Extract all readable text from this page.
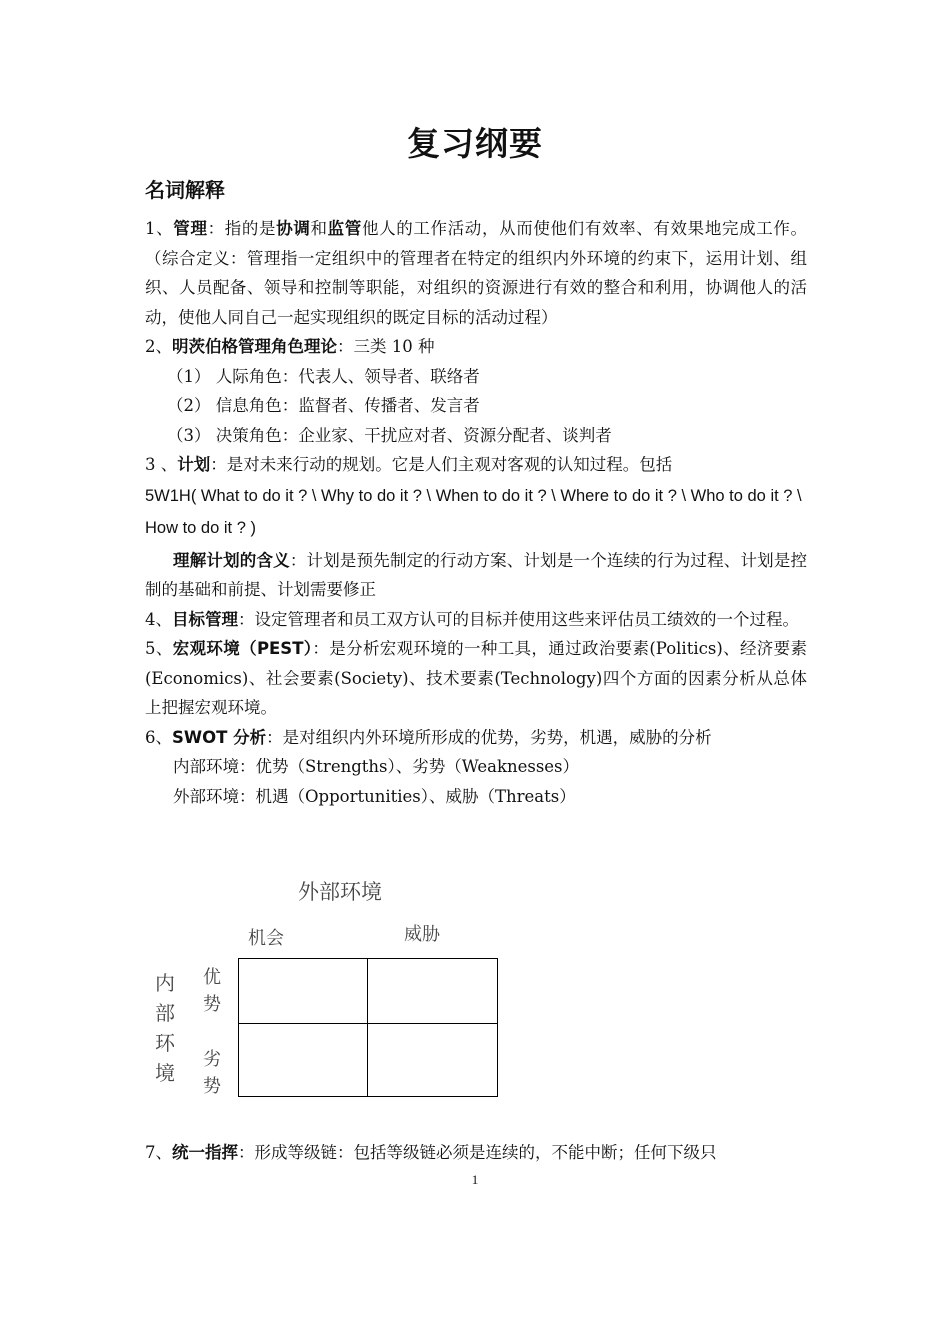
复习纲要
名词解释

1、管理：指的是协调和监管他人的工作活动，从而使他们有效率、有效果地完成工作。（综合定义：管理指一定组织中的管理者在特定的组织内外环境的约束下，运用计划、组织、人员配备、领导和控制等职能，对组织的资源进行有效的整合和利用，协调他人的活动，使他人同自己一起实现组织的既定目标的活动过程）

2、明茨伯格管理角色理论：三类 10 种

（1） 人际角色：代表人、领导者、联络者

（2） 信息角色：监督者、传播者、发言者

（3） 决策角色：企业家、干扰应对者、资源分配者、谈判者

3 、计划：是对未来行动的规划。它是人们主观对客观的认知过程。包括

5W1H( What to do it ? \ Why to do it ? \ When to do it ? \ Where to do it ? \ Who to do it ? \ How to do it ? )

理解计划的含义：计划是预先制定的行动方案、计划是一个连续的行为过程、计划是控制的基础和前提、计划需要修正

4、目标管理：设定管理者和员工双方认可的目标并使用这些来评估员工绩效的一个过程。

5、宏观环境（PEST）：是分析宏观环境的一种工具，通过政治要素(Politics)、经济要素(Economics)、社会要素(Society)、技术要素(Technology)四个方面的因素分析从总体上把握宏观环境。

6、SWOT 分析：是对组织内外环境所形成的优势，劣势，机遇，威胁的分析

内部环境：优势（Strengths）、劣势（Weaknesses）

外部环境：机遇（Opportunities）、威胁（Threats）

外部环境
机会	威胁
内部环境
优势
劣势
7、统一指挥：形成等级链：包括等级链必须是连续的，不能中断；任何下级只
1
